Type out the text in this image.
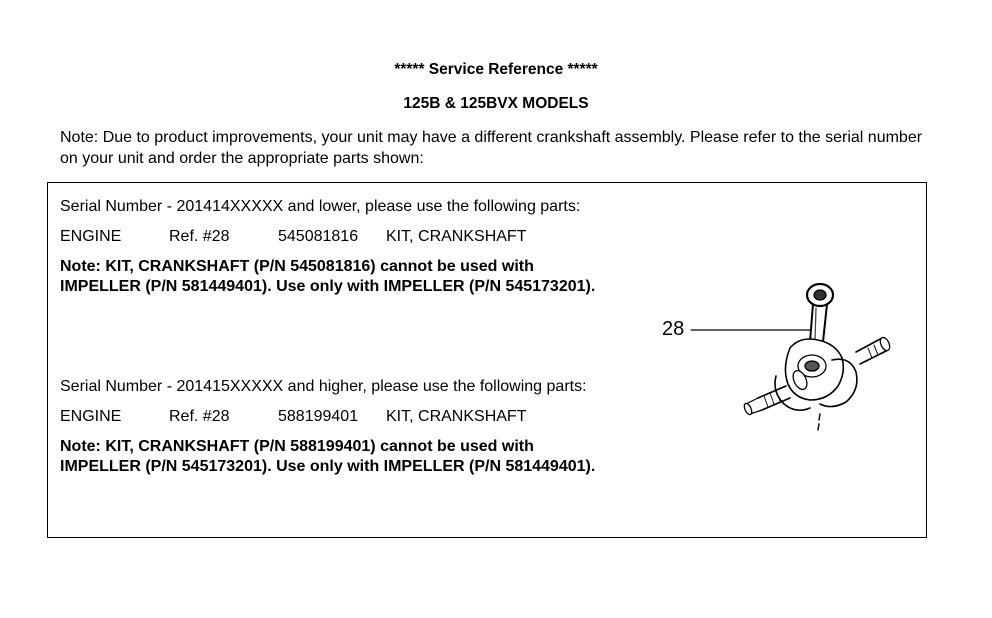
***** Service Reference *****
125B & 125BVX MODELS
Note: Due to product improvements, your unit may have a different crankshaft assembly. Please refer to the serial number on your unit and order the appropriate parts shown:

Serial Number - 201414XXXXX and lower, please use the following parts:

ENGINE	Ref. #28	545081816 KIT, CRANKSHAFT
Note: KIT, CRANKSHAFT (P/N 545081816) cannot be used with IMPELLER (P/N 581449401). Use only with IMPELLER (P/N 545173201).

Serial Number - 201415XXXXX and higher, please use the following parts:

ENGINE	Ref. #28	588199401 KIT, CRANKSHAFT
Note: KIT, CRANKSHAFT (P/N 588199401) cannot be used with IMPELLER (P/N 545173201). Use only with IMPELLER (P/N 581449401).
28
